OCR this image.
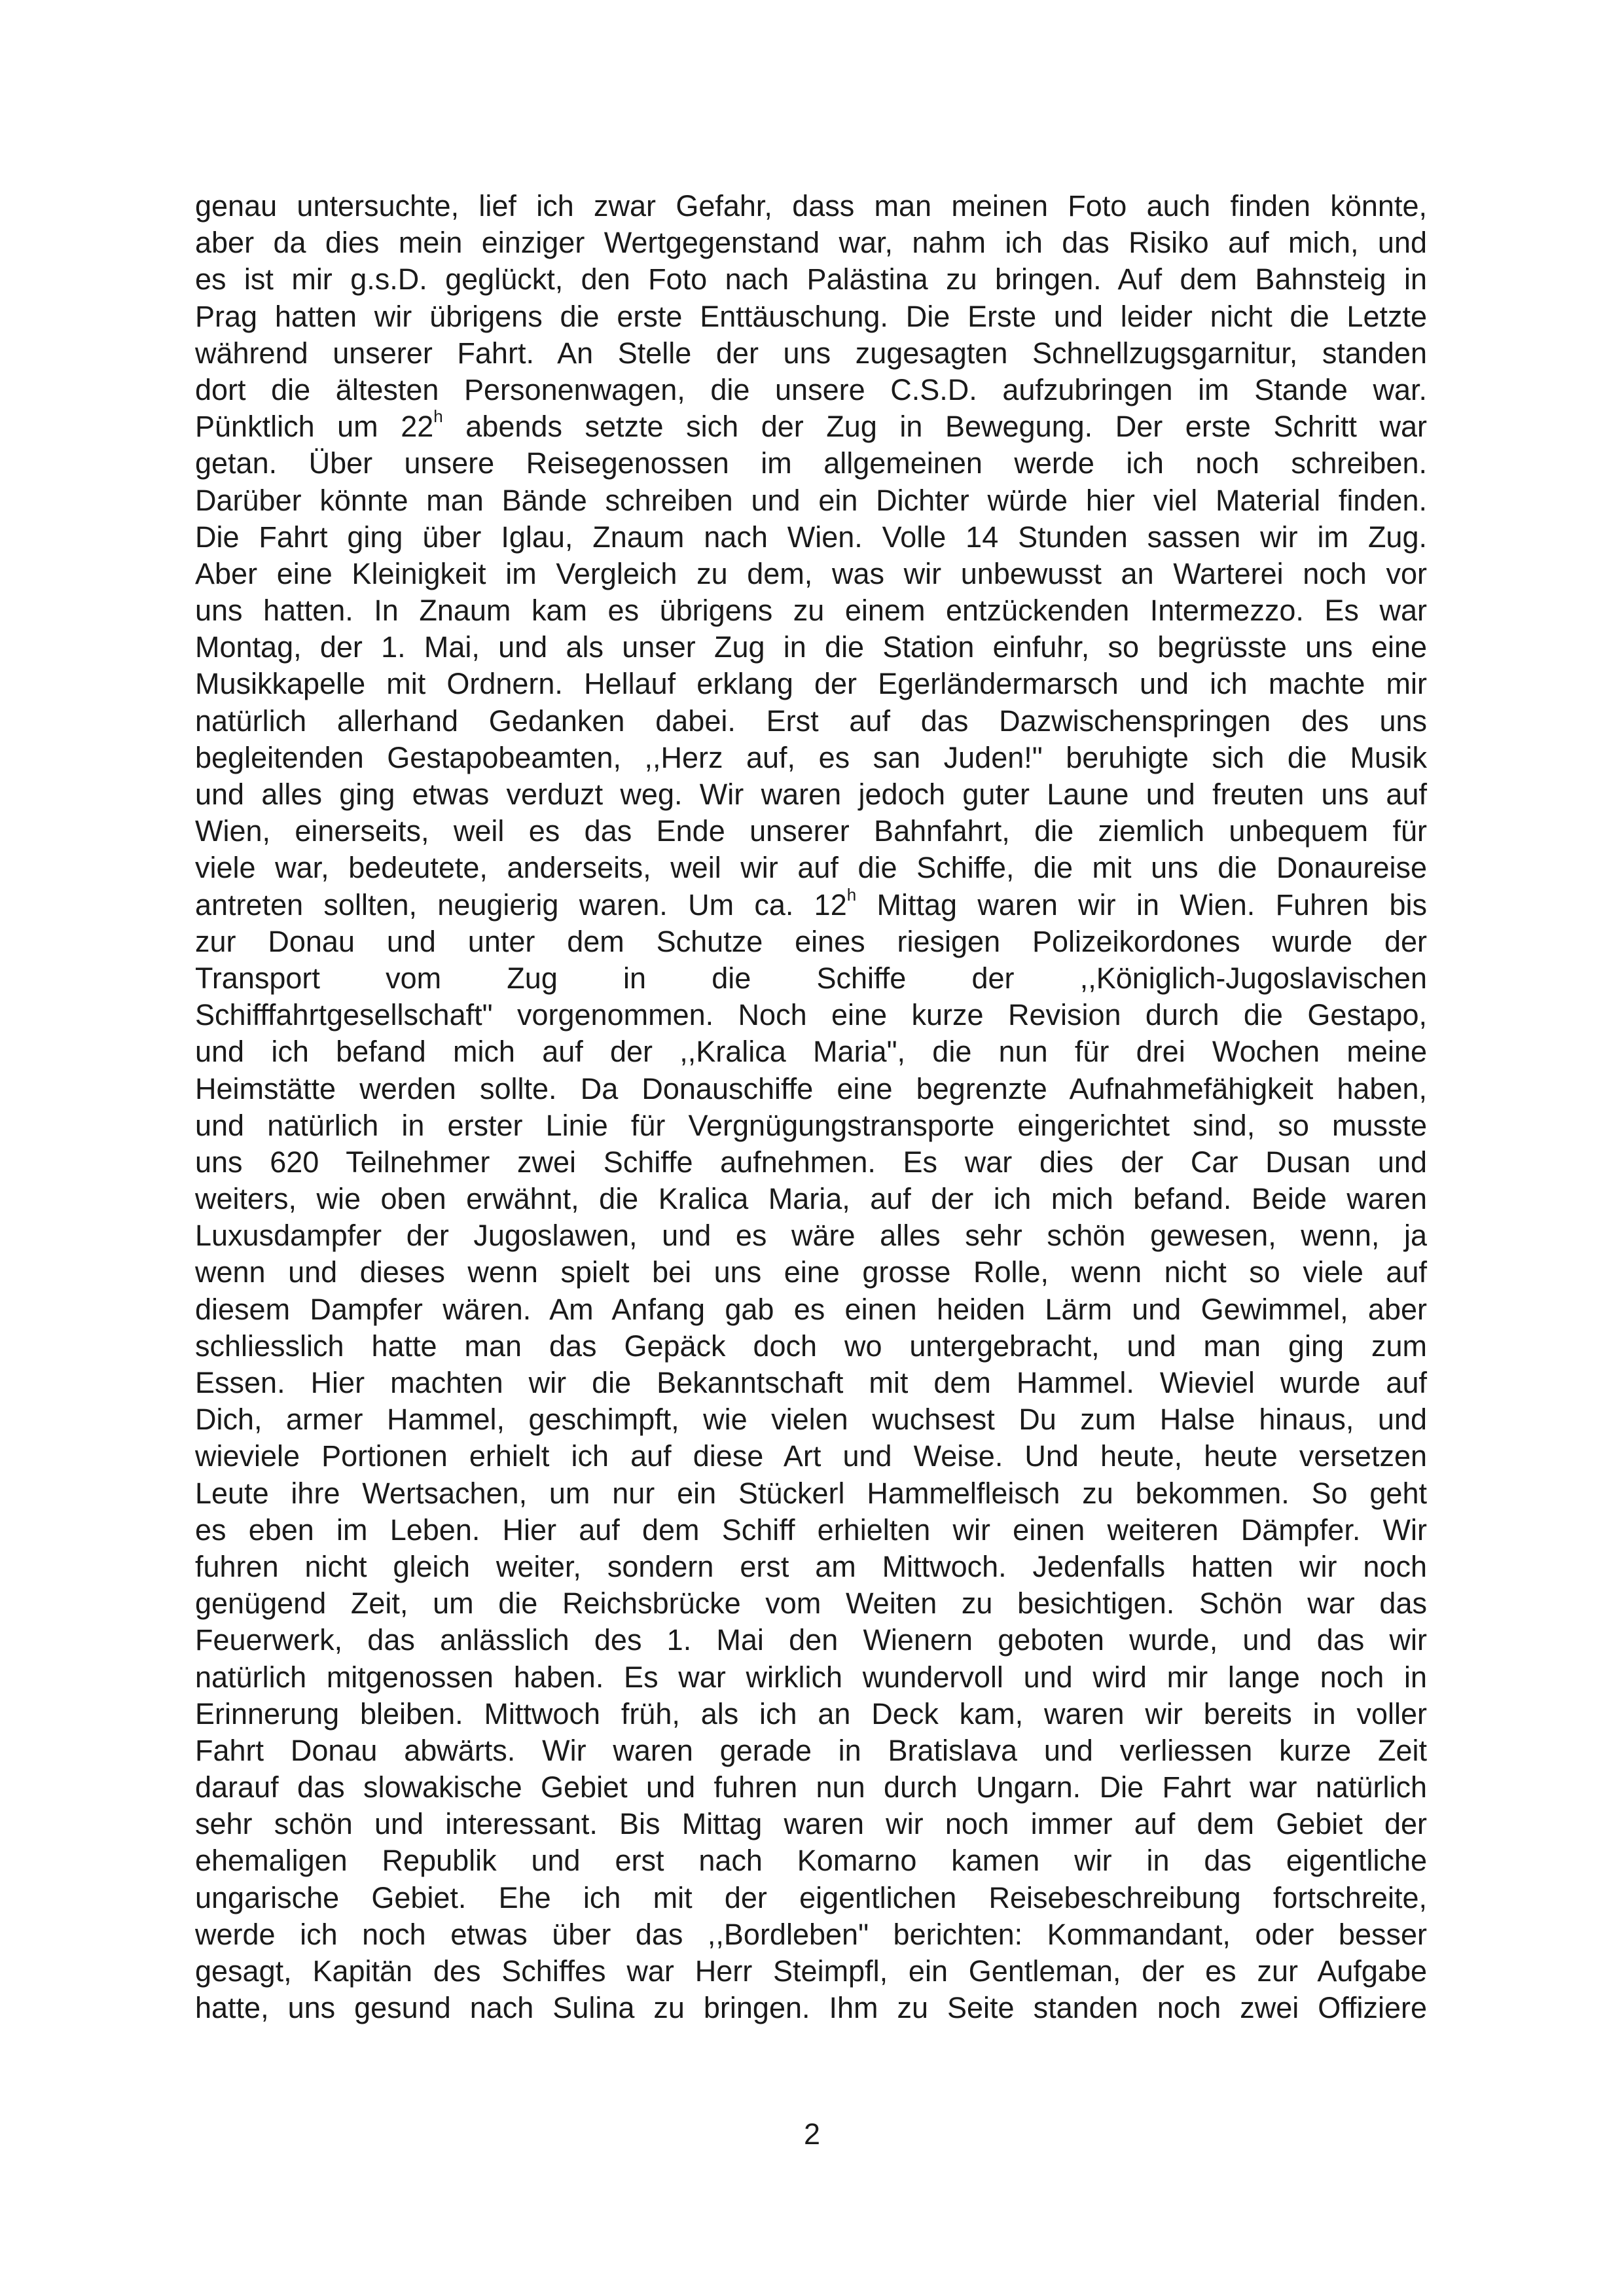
genau untersuchte, lief ich zwar Gefahr, dass man meinen Foto auch finden könnte,
aber da dies mein einziger Wertgegenstand war, nahm ich das Risiko auf mich, und
es ist mir g.s.D. geglückt, den Foto nach Palästina zu bringen. Auf dem Bahnsteig in
Prag hatten wir übrigens die erste Enttäuschung. Die Erste und leider nicht die Letzte
während unserer Fahrt. An Stelle der uns zugesagten Schnellzugsgarnitur, standen
dort die ältesten Personenwagen, die unsere C.S.D. aufzubringen im Stande war.
Pünktlich um 22$^h$ abends setzte sich der Zug in Bewegung. Der erste Schritt war
getan. Über unsere Reisegenossen im allgemeinen werde ich noch schreiben.
Darüber könnte man Bände schreiben und ein Dichter würde hier viel Material finden.
Die Fahrt ging über Iglau, Znaum nach Wien. Volle 14 Stunden sassen wir im Zug.
Aber eine Kleinigkeit im Vergleich zu dem, was wir unbewusst an Warterei noch vor
uns hatten. In Znaum kam es übrigens zu einem entzückenden Intermezzo. Es war
Montag, der 1. Mai, und als unser Zug in die Station einfuhr, so begrüsste uns eine
Musikkapelle mit Ordnern. Hellauf erklang der Egerländermarsch und ich machte mir
natürlich allerhand Gedanken dabei. Erst auf das Dazwischenspringen des uns
begleitenden Gestapobeamten, ,,Herz auf, es san Juden!" beruhigte sich die Musik
und alles ging etwas verduzt weg. Wir waren jedoch guter Laune und freuten uns auf
Wien, einerseits, weil es das Ende unserer Bahnfahrt, die ziemlich unbequem für
viele war, bedeutete, anderseits, weil wir auf die Schiffe, die mit uns die Donaureise
antreten sollten, neugierig waren. Um ca. 12$^h$ Mittag waren wir in Wien. Fuhren bis
zur Donau und unter dem Schutze eines riesigen Polizeikordones wurde der
Transport vom Zug in die Schiffe der ,,Königlich-Jugoslavischen
Schifffahrtgesellschaft" vorgenommen. Noch eine kurze Revision durch die Gestapo,
und ich befand mich auf der ,,Kralica Maria", die nun für drei Wochen meine
Heimstätte werden sollte. Da Donauschiffe eine begrenzte Aufnahmefähigkeit haben,
und natürlich in erster Linie für Vergnügungstransporte eingerichtet sind, so musste
uns 620 Teilnehmer zwei Schiffe aufnehmen. Es war dies der Car Dusan und
weiters, wie oben erwähnt, die Kralica Maria, auf der ich mich befand. Beide waren
Luxusdampfer der Jugoslawen, und es wäre alles sehr schön gewesen, wenn, ja
wenn und dieses wenn spielt bei uns eine grosse Rolle, wenn nicht so viele auf
diesem Dampfer wären. Am Anfang gab es einen heiden Lärm und Gewimmel, aber
schliesslich hatte man das Gepäck doch wo untergebracht, und man ging zum
Essen. Hier machten wir die Bekanntschaft mit dem Hammel. Wieviel wurde auf
Dich, armer Hammel, geschimpft, wie vielen wuchsest Du zum Halse hinaus, und
wieviele Portionen erhielt ich auf diese Art und Weise. Und heute, heute versetzen
Leute ihre Wertsachen, um nur ein Stückerl Hammelfleisch zu bekommen. So geht
es eben im Leben. Hier auf dem Schiff erhielten wir einen weiteren Dämpfer. Wir
fuhren nicht gleich weiter, sondern erst am Mittwoch. Jedenfalls hatten wir noch
genügend Zeit, um die Reichsbrücke vom Weiten zu besichtigen. Schön war das
Feuerwerk, das anlässlich des 1. Mai den Wienern geboten wurde, und das wir
natürlich mitgenossen haben. Es war wirklich wundervoll und wird mir lange noch in
Erinnerung bleiben. Mittwoch früh, als ich an Deck kam, waren wir bereits in voller
Fahrt Donau abwärts. Wir waren gerade in Bratislava und verliessen kurze Zeit
darauf das slowakische Gebiet und fuhren nun durch Ungarn. Die Fahrt war natürlich
sehr schön und interessant. Bis Mittag waren wir noch immer auf dem Gebiet der
ehemaligen Republik und erst nach Komarno kamen wir in das eigentliche
ungarische Gebiet. Ehe ich mit der eigentlichen Reisebeschreibung fortschreite,
werde ich noch etwas über das ,,Bordleben" berichten: Kommandant, oder besser
gesagt, Kapitän des Schiffes war Herr Steimpfl, ein Gentleman, der es zur Aufgabe
hatte, uns gesund nach Sulina zu bringen. Ihm zu Seite standen noch zwei Offiziere
2
